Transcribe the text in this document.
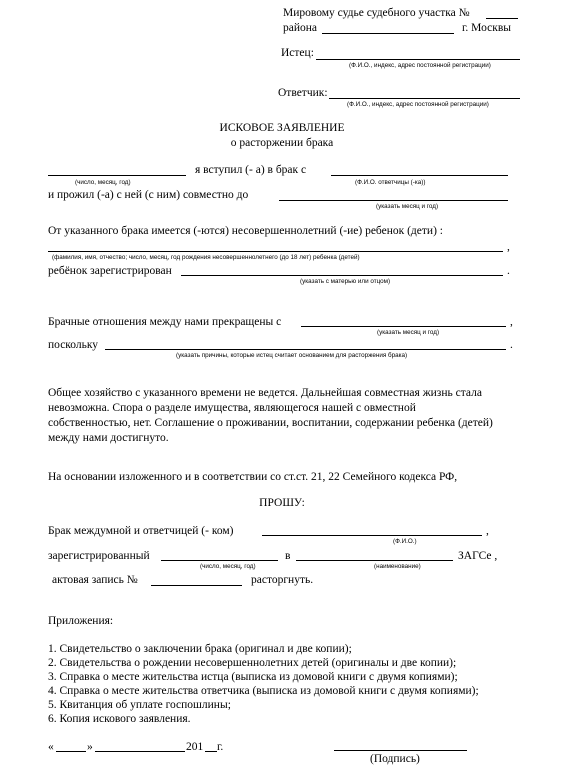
Мировому судье судебного участка №
района	г. Москвы
Истец:
(Ф.И.О., индекс, адрес постоянной регистрации)
Ответчик:
(Ф.И.О., индекс, адрес постоянной регистрации)
ИСКОВОЕ ЗАЯВЛЕНИЕ
о расторжении брака
я вступил (- а) в брак с
(число, месяц, год)	(Ф.И.О. ответчицы (-ка))
и прожил (-а) с ней (с ним) совместно до
(указать месяц и год)
От указанного брака имеется (-ются) несовершеннолетний (-ие) ребенок (дети) :
,
(фамилия, имя, отчество; число, месяц, год рождения несовершеннолетнего (до 18 лет) ребенка (детей)
ребёнок зарегистрирован	.
(указать с матерью или отцом)
Брачные отношения между нами прекращены с	,
(указать месяц и год)
поскольку	.
(указать причины, которые истец считает основанием для расторжения брака)
Общее хозяйство с указанного времени не ведется. Дальнейшая совместная жизнь стала
невозможна. Спора о разделе имущества, являющегося нашей с овместной
собственностью, нет. Соглашение о проживании, воспитании, содержании ребенка (детей)
между нами достигнуто.
На основании изложенного и в соответствии со ст.ст. 21, 22 Семейного кодекса РФ,
ПРОШУ:
Брак междумной и ответчицей (- ком)	,
(Ф.И.О.)
зарегистрированный	в	ЗАГСе ,
(число, месяц, год)	(наименование)
актовая запись №	расторгнуть.
Приложения:
1. Свидетельство о заключении брака (оригинал и две копии);
2. Свидетельства о рождении несовершеннолетних детей (оригиналы и две копии);
3. Справка о месте жительства истца (выписка из домовой книги с двумя копиями);
4. Справка о месте жительства ответчика (выписка из домовой книги с двумя копиями);
5. Квитанция об уплате госпошлины;
6. Копия искового заявления.
«	»	201 г.
(Подпись)
